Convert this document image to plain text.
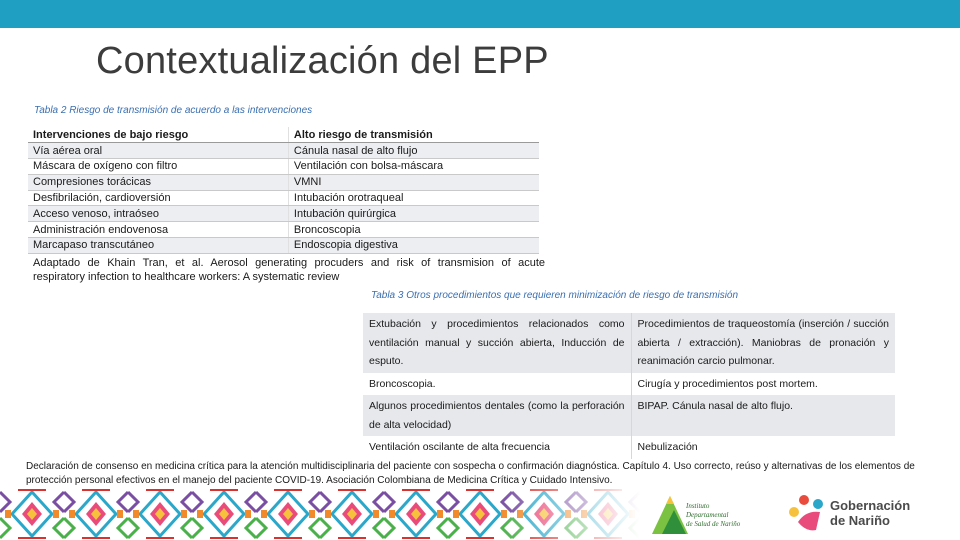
Contextualización del EPP
Tabla 2 Riesgo de transmisión de acuerdo a las intervenciones
Intervenciones de bajo riesgo	Alto riesgo de transmisión
Vía aérea oral	Cánula nasal de alto flujo
Máscara de oxígeno con filtro	Ventilación con bolsa-máscara
Compresiones torácicas	VMNI
Desfibrilación, cardioversión	Intubación orotraqueal
Acceso venoso, intraóseo	Intubación quirúrgica
Administración endovenosa	Broncoscopia
Marcapaso transcutáneo	Endoscopia digestiva
Adaptado de Khain Tran, et al. Aerosol generating procuders and risk of transmision of acute
respiratory infection to healthcare workers: A systematic review
Tabla 3 Otros procedimientos que requieren minimización de riesgo de transmisión
Extubación y procedimientos relacionados como ventilación manual y succión abierta, Inducción de esputo.	Procedimientos de traqueostomía (inserción / succión abierta / extracción). Maniobras de pronación y reanimación carcio pulmonar.
Broncoscopia.	Cirugía y procedimientos post mortem.
Algunos procedimientos dentales (como la perforación de alta velocidad)	BIPAP. Cánula nasal de alto flujo.
Ventilación oscilante de alta frecuencia	Nebulización

Declaración de consenso en medicina crítica para la atención multidisciplinaria del paciente con sospecha o confirmación diagnóstica. Capítulo 4. Uso correcto, reúso y alternativas de los elementos de protección personal efectivos en el manejo del paciente COVID-19. Asociación Colombiana de Medicina Crítica y Cuidado Intensivo.

Instituto
Departamental
de Salud de Nariño
Gobernación
de Nariño
